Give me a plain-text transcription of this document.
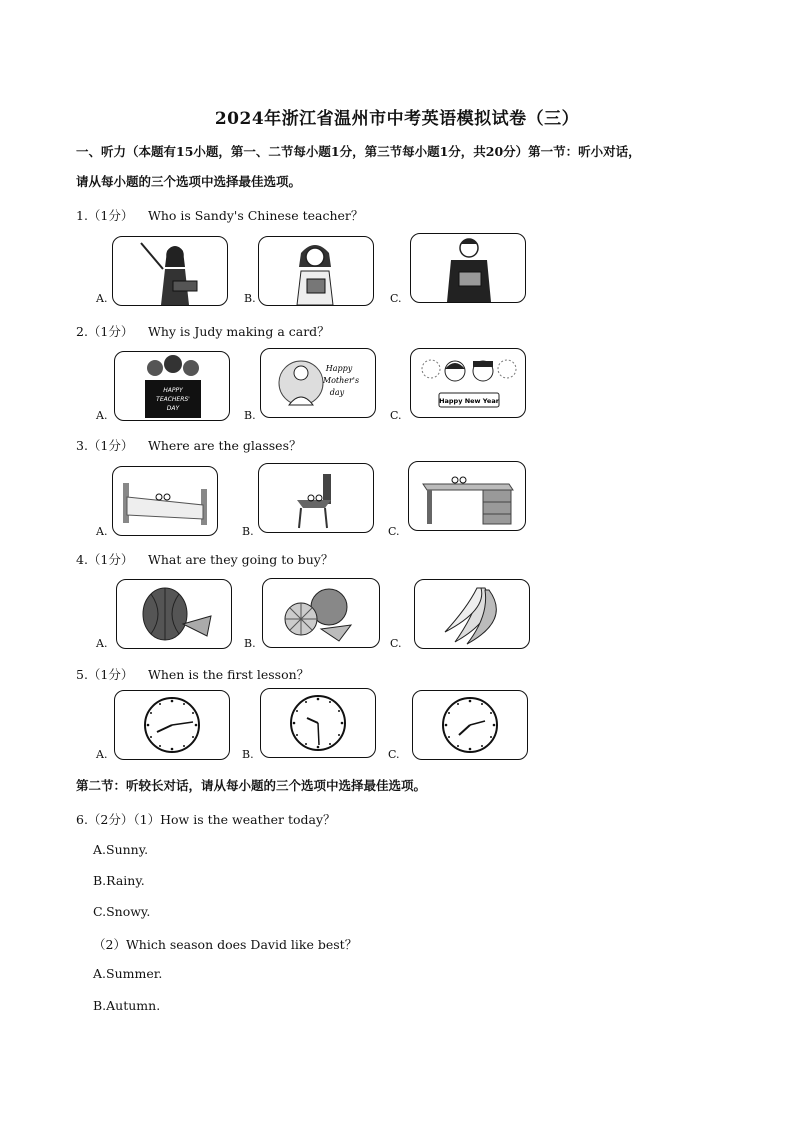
2024年浙江省温州市中考英语模拟试卷（三）
一、听力（本题有15小题，第一、二节每小题1分，第三节每小题1分，共20分）第一节：听小对话，
请从每小题的三个选项中选择最佳选项。
1.（1分） Who is Sandy's Chinese teacher？
A.	B.	C.
2.（1分） Why is Judy making a card？
A.
HAPPY
TEACHERS'
DAY
B.
Happy
Mother's
day
C.
Happy New Year
3.（1分） Where are the glasses？
A.	B.	C.
4.（1分） What are they going to buy？
A.	B.	C.
5.（1分） When is the first lesson？
A.	B.	C.
第二节：听较长对话，请从每小题的三个选项中选择最佳选项。
6.（2分）（1）How is the weather today？
A.Sunny.
B.Rainy.
C.Snowy.
（2）Which season does David like best？
A.Summer.
B.Autumn.
